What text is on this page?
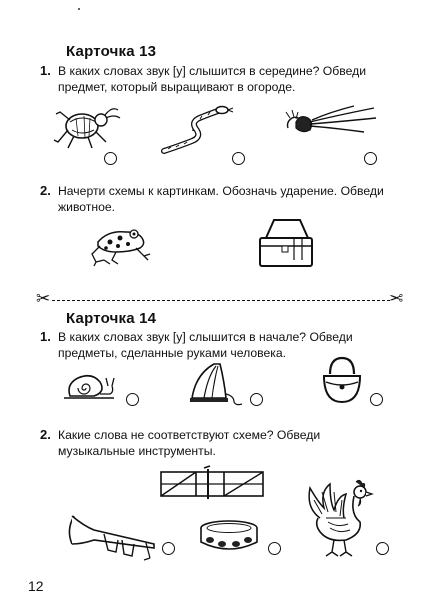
Карточка 13
1. В каких словах звук [у] слышится в середине? Обведи предмет, который выращивают в огороде.
2. Начерти схемы к картинкам. Обозначь ударение. Обведи животное.
✂	✂
Карточка 14
1. В каких словах звук [у] слышится в начале? Обведи предметы, сделанные руками человека.
2. Какие слова не соответствуют схеме? Обведи музыкальные инструменты.
12
